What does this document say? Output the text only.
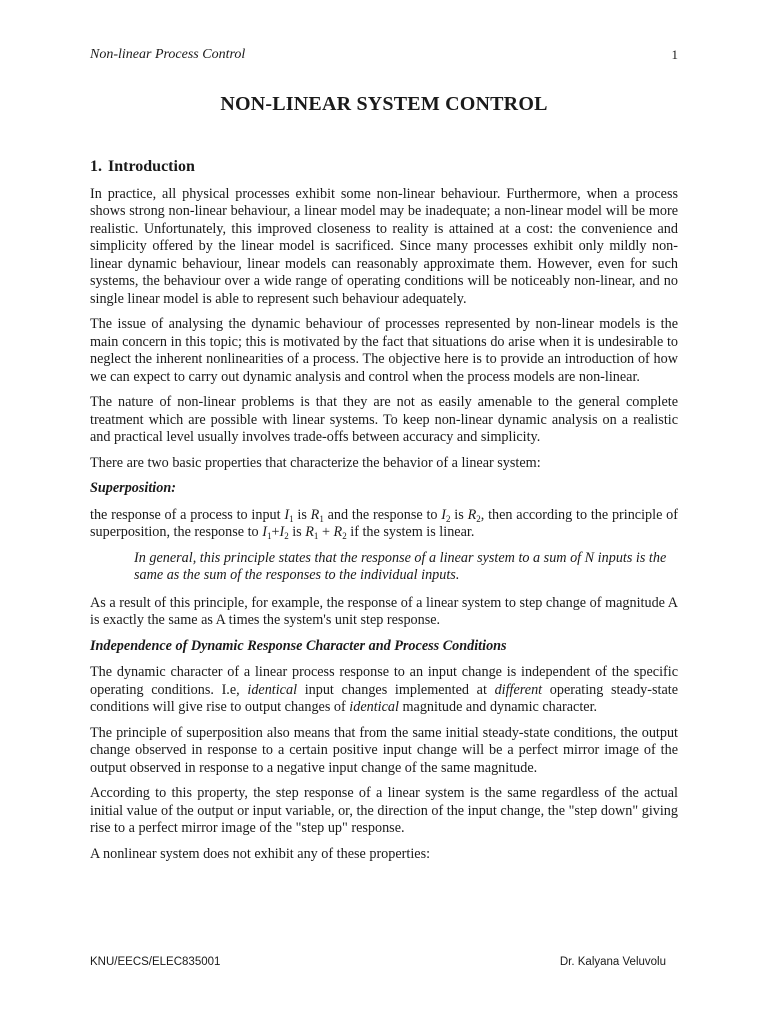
Non-linear Process Control	1
NON-LINEAR SYSTEM CONTROL
1. Introduction

In practice, all physical processes exhibit some non-linear behaviour. Furthermore, when a process shows strong non-linear behaviour, a linear model may be inadequate; a non-linear model will be more realistic. Unfortunately, this improved closeness to reality is attained at a cost: the convenience and simplicity offered by the linear model is sacrificed. Since many processes exhibit only mildly non-linear dynamic behaviour, linear models can reasonably approximate them. However, even for such systems, the behaviour over a wide range of operating conditions will be noticeably non-linear, and no single linear model is able to represent such behaviour adequately.

The issue of analysing the dynamic behaviour of processes represented by non-linear models is the main concern in this topic; this is motivated by the fact that situations do arise when it is undesirable to neglect the inherent nonlinearities of a process. The objective here is to provide an introduction of how we can expect to carry out dynamic analysis and control when the process models are non-linear.

The nature of non-linear problems is that they are not as easily amenable to the general complete treatment which are possible with linear systems. To keep non-linear dynamic analysis on a realistic and practical level usually involves trade-offs between accuracy and simplicity.

There are two basic properties that characterize the behavior of a linear system:

Superposition:

the response of a process to input $I_1$ is $R_1$ and the response to $I_2$ is $R_2$, then according to the principle of superposition, the response to $I_1+I_2$ is $R_1 + R_2$ if the system is linear.

In general, this principle states that the response of a linear system to a sum of N inputs is the same as the sum of the responses to the individual inputs.

As a result of this principle, for example, the response of a linear system to step change of magnitude A is exactly the same as A times the system's unit step response.

Independence of Dynamic Response Character and Process Conditions

The dynamic character of a linear process response to an input change is independent of the specific operating conditions. I.e, identical input changes implemented at different operating steady-state conditions will give rise to output changes of identical magnitude and dynamic character.

The principle of superposition also means that from the same initial steady-state conditions, the output change observed in response to a certain positive input change will be a perfect mirror image of the output observed in response to a negative input change of the same magnitude.

According to this property, the step response of a linear system is the same regardless of the actual initial value of the output or input variable, or, the direction of the input change, the "step down" giving rise to a perfect mirror image of the "step up" response.

A nonlinear system does not exhibit any of these properties:

KNU/EECS/ELEC835001	Dr. Kalyana Veluvolu
